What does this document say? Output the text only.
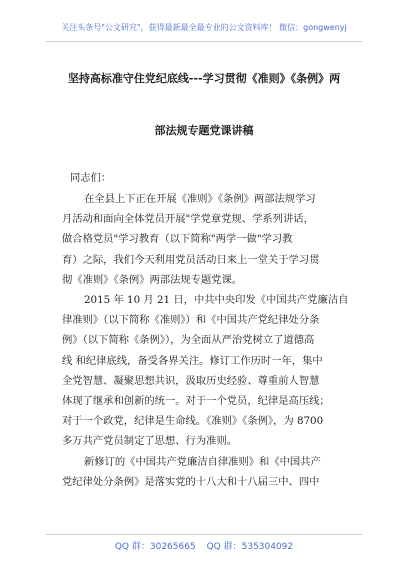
关注头条号"公文研究"，获得最新最全最专业的公文资料库！ 微信：gongwenyj
坚持高标准守住党纪底线---学习贯彻《准则》《条例》两
部法规专题党课讲稿
同志们：
在全县上下正在开展《准则》《条例》两部法规学习
月活动和面向全体党员开展"学党章党规、学系列讲话，
做合格党员"学习教育（以下简称"两学一做"学习教
育）之际，我们今天利用党员活动日来上一堂关于学习贯
彻《准则》《条例》两部法规专题党课。
2015 年 10 月 21 日，中共中央印发《中国共产党廉洁自
律准则》（以下简称《准则》）和《中国共产党纪律处分条
例》（以下简称《条例》），为全面从严治党树立了道德高
线 和纪律底线，备受各界关注。修订工作历时一年，集中
全党智慧、凝聚思想共识，汲取历史经验、尊重前人智慧
体现了继承和创新的统一。对于一个党员，纪律是高压线；
对于一个政党，纪律是生命线。《准则》《条例》，为 8700
多万共产党员制定了思想、行为准则。
新修订的《中国共产党廉洁自律准则》和《中国共产
党纪律处分条例》是落实党的十八大和十八届三中、四中
QQ 群：30265665 QQ 群：535304092
